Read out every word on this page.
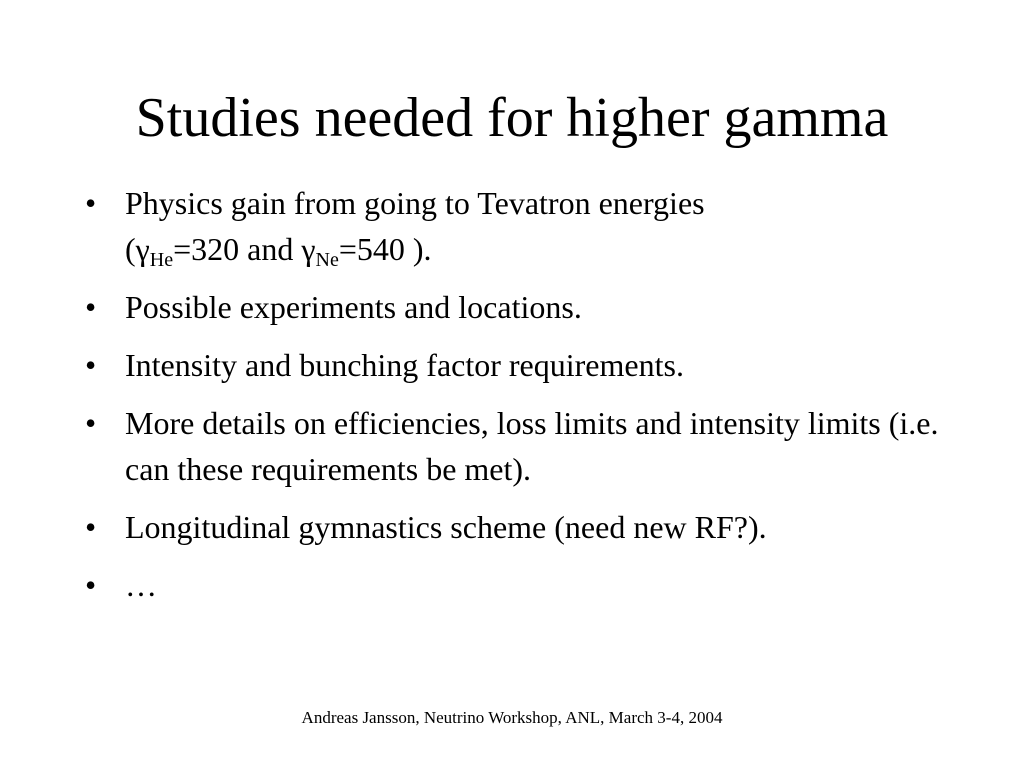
Studies needed for higher gamma
• Physics gain from going to Tevatron energies
($\gamma_{He}=320$ and $\gamma_{Ne}=540$ ).
• Possible experiments and locations.
• Intensity and bunching factor requirements.
• More details on efficiencies, loss limits and intensity limits (i.e. can these requirements be met).
• Longitudinal gymnastics scheme (need new RF?).
• …
Andreas Jansson, Neutrino Workshop, ANL, March 3-4, 2004
